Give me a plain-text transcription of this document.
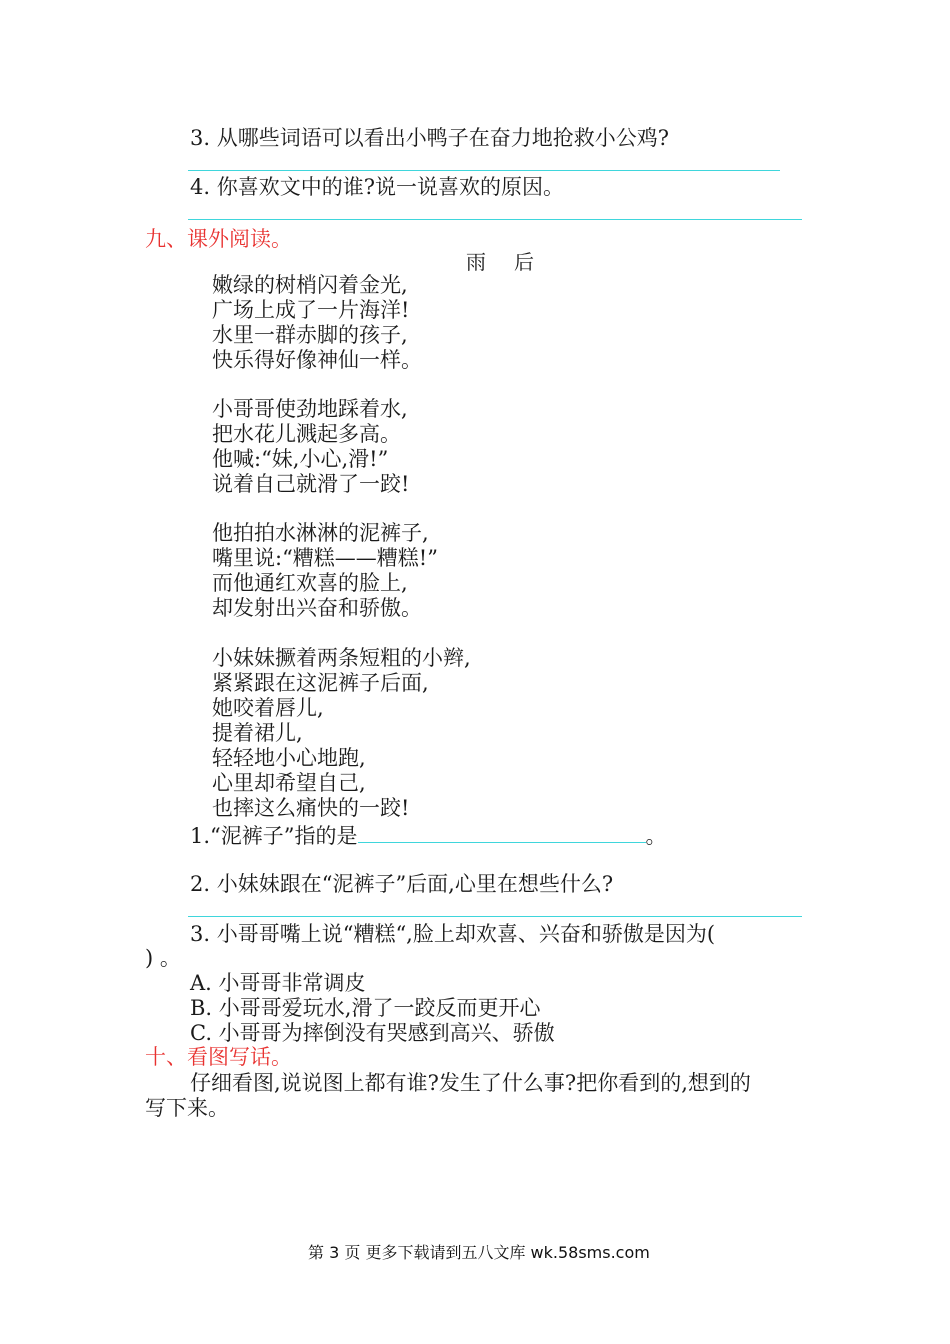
3. 从哪些词语可以看出小鸭子在奋力地抢救小公鸡?
4. 你喜欢文中的谁?说一说喜欢的原因。
九、课外阅读。
雨后
嫩绿的树梢闪着金光,
广场上成了一片海洋!
水里一群赤脚的孩子,
快乐得好像神仙一样。
小哥哥使劲地踩着水,
把水花儿溅起多高。
他喊:“妹,小心,滑!”
说着自己就滑了一跤!
他拍拍水淋淋的泥裤子,
嘴里说:“糟糕——糟糕!”
而他通红欢喜的脸上,
却发射出兴奋和骄傲。
小妹妹撅着两条短粗的小辫,
紧紧跟在这泥裤子后面,
她咬着唇儿,
提着裙儿,
轻轻地小心地跑,
心里却希望自己,
也摔这么痛快的一跤!
1.“泥裤子”指的是	。
2. 小妹妹跟在“泥裤子”后面,心里在想些什么?
3. 小哥哥嘴上说“糟糕“,脸上却欢喜、兴奋和骄傲是因为(
) 。
A. 小哥哥非常调皮
B. 小哥哥爱玩水,滑了一跤反而更开心
C. 小哥哥为摔倒没有哭感到高兴、骄傲
十、看图写话。
仔细看图,说说图上都有谁?发生了什么事?把你看到的,想到的
写下来。
第 3 页 更多下载请到五八文库 wk.58sms.com
